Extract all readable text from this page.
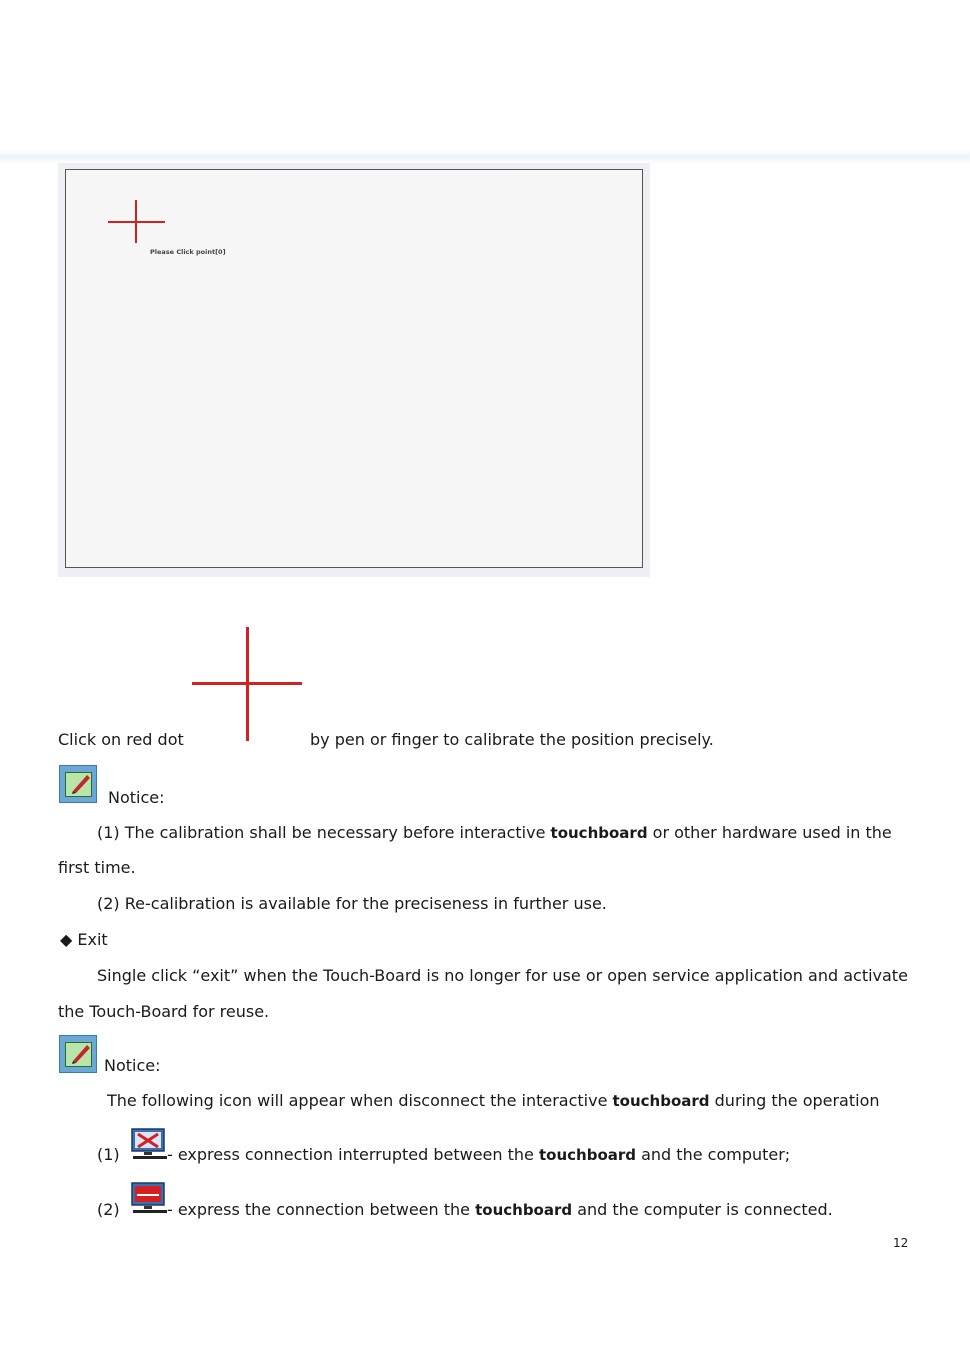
Please Click point[0]
Click on red dot	by pen or finger to calibrate the position precisely.
Notice:
(1) The calibration shall be necessary before interactive touchboard or other hardware used in the
first time.
(2) Re-calibration is available for the preciseness in further use.
◆ Exit
Single click “exit” when the Touch-Board is no longer for use or open service application and activate
the Touch-Board for reuse.
Notice:
The following icon will appear when disconnect the interactive touchboard during the operation
(1)	- express connection interrupted between the touchboard and the computer;
(2)	- express the connection between the touchboard and the computer is connected.
12
